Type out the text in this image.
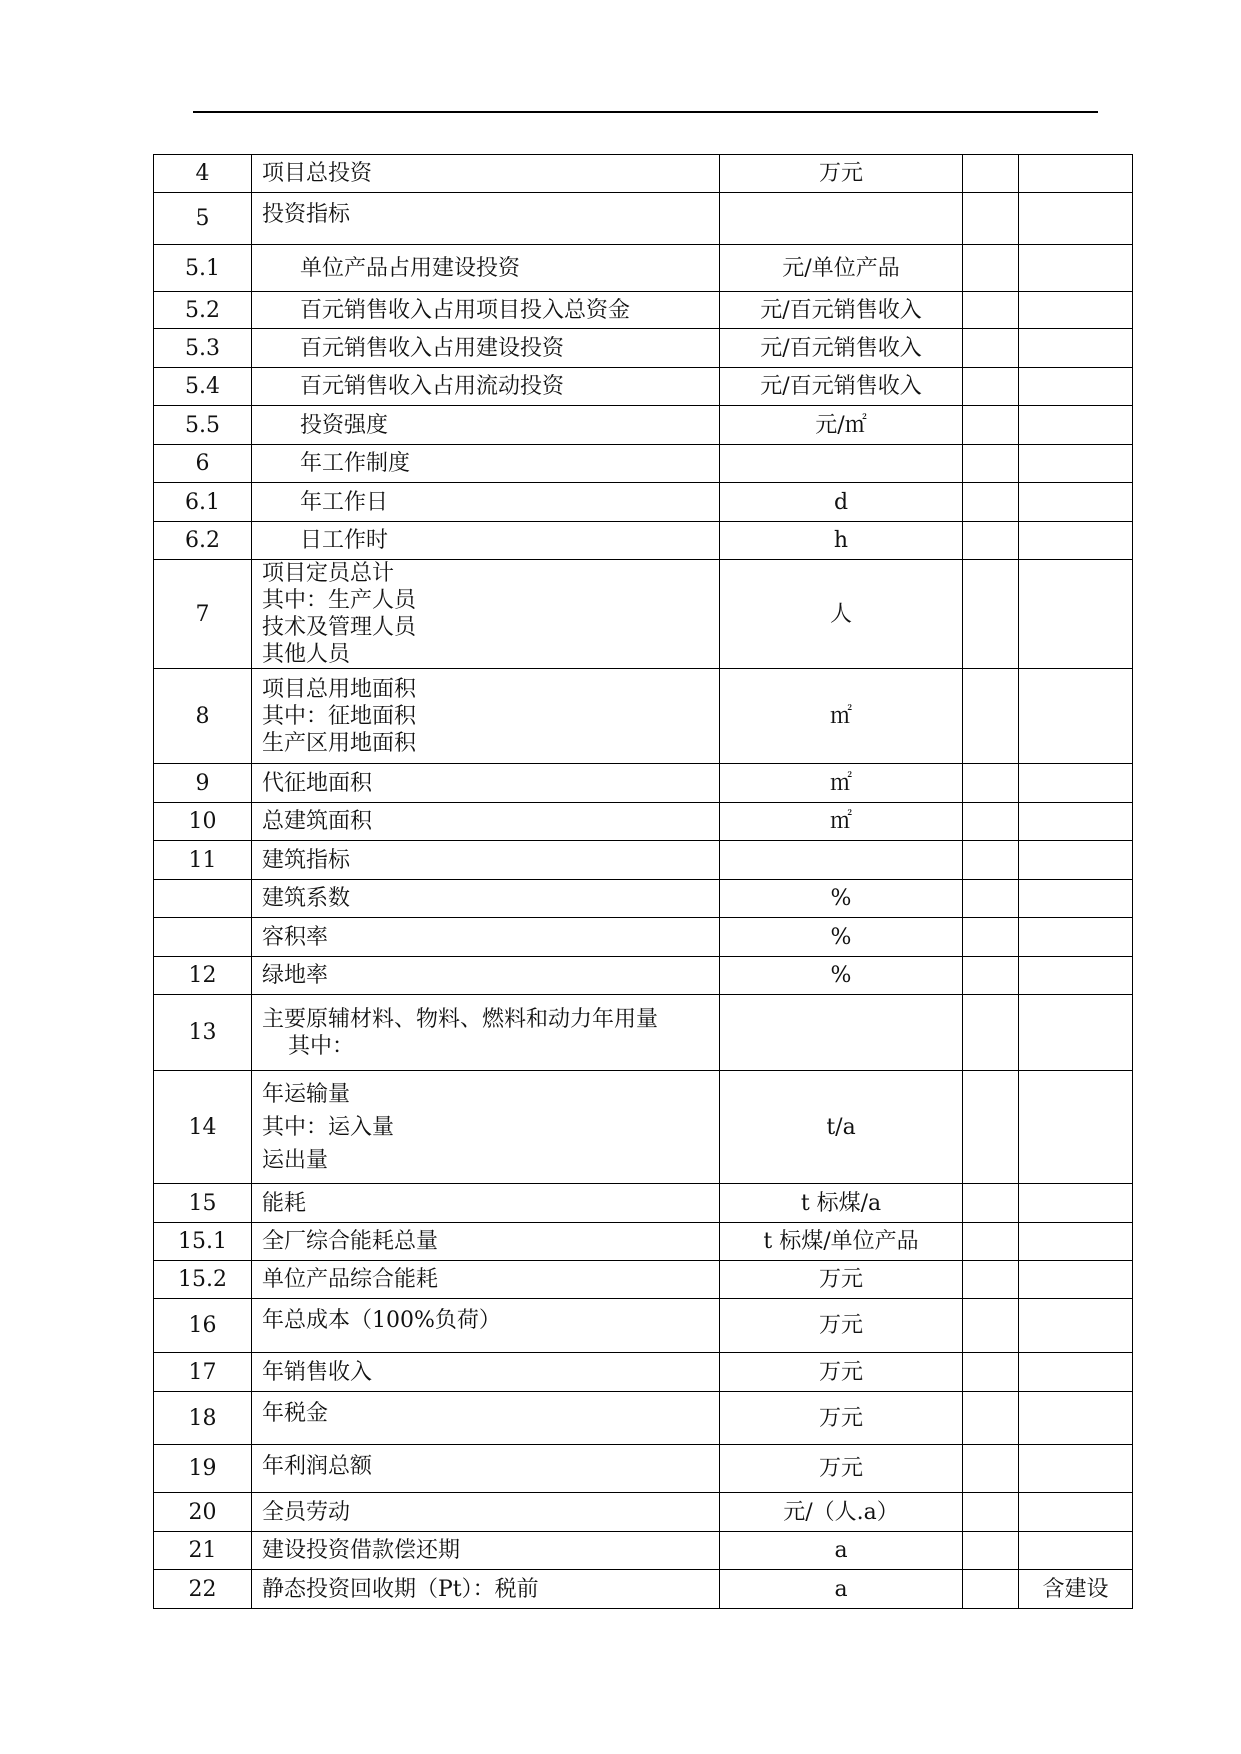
4	项目总投资	万元		
5	投资指标			

5.1	单位产品占用建设投资	元/单位产品		
5.2	百元销售收入占用项目投入总资金	元/百元销售收入		
5.3	百元销售收入占用建设投资	元/百元销售收入		
5.4	百元销售收入占用流动投资	元/百元销售收入		
5.5	投资强度	元/㎡		
6	年工作制度			

6.1	年工作日	d		
6.2	日工作时	h		
7	项目定员总计
其中：生产人员
技术及管理人员
其他人员	人		
8	项目总用地面积
其中：征地面积
生产区用地面积	㎡		
9	代征地面积	㎡		
10	总建筑面积	㎡		
11	建筑指标			

	建筑系数	%		

	容积率	%		
12	绿地率	%		
13	主要原辅材料、物料、燃料和动力年用量
其中：			

14	年运输量
其中：运入量
运出量	t/a		
15	能耗	t 标煤/a		
15.1	全厂综合能耗总量	t 标煤/单位产品		
15.2	单位产品综合能耗	万元		
16	年总成本（100%负荷）	万元		
17	年销售收入	万元		
18	年税金	万元		
19	年利润总额	万元		
20	全员劳动	元/（人.a）		
21	建设投资借款偿还期	a		
22	静态投资回收期（Pt）：税前	a		含建设
